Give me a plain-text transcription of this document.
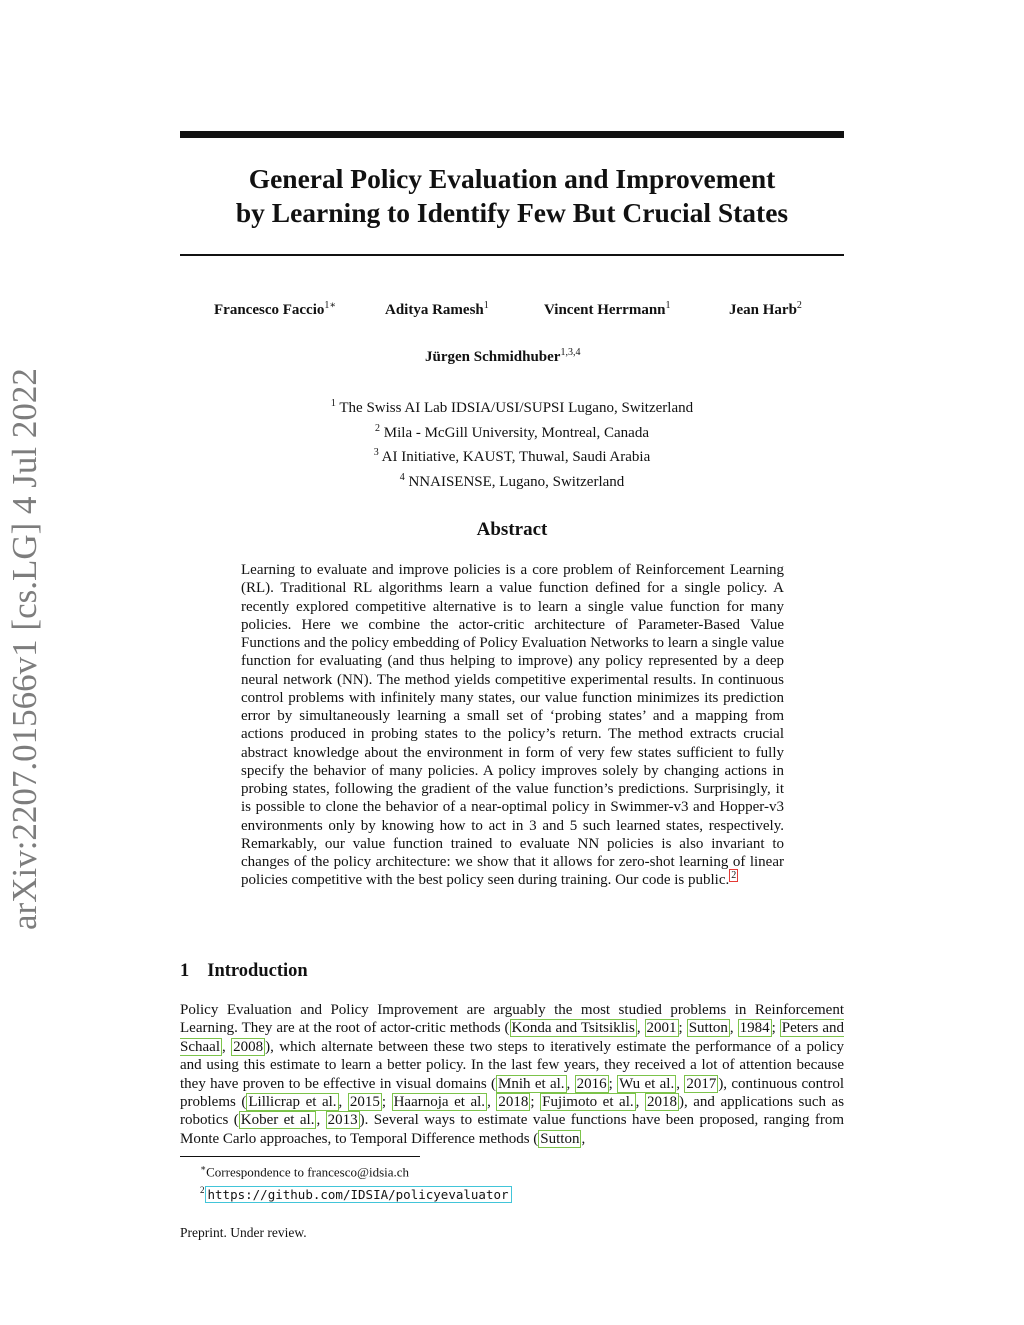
arXiv:2207.01566v1 [cs.LG] 4 Jul 2022
General Policy Evaluation and Improvement
by Learning to Identify Few But Crucial States
Francesco Faccio$^{1∗}$	Aditya Ramesh$^1$	Vincent Herrmann$^1$	Jean Harb$^2$
Jürgen Schmidhuber$^{1,3,4}$
$^1$ The Swiss AI Lab IDSIA/USI/SUPSI Lugano, Switzerland
$^2$ Mila - McGill University, Montreal, Canada
$^3$ AI Initiative, KAUST, Thuwal, Saudi Arabia
$^4$ NNAISENSE, Lugano, Switzerland
Abstract
Learning to evaluate and improve policies is a core problem of Reinforcement Learning (RL). Traditional RL algorithms learn a value function defined for a single policy. A recently explored competitive alternative is to learn a single value function for many policies. Here we combine the actor-critic architecture of Parameter-Based Value Functions and the policy embedding of Policy Evaluation Networks to learn a single value function for evaluating (and thus helping to improve) any policy represented by a deep neural network (NN). The method yields competitive experimental results. In continuous control problems with infinitely many states, our value function minimizes its prediction error by simultaneously learning a small set of ‘probing states’ and a mapping from actions produced in probing states to the policy’s return. The method extracts crucial abstract knowledge about the environment in form of very few states sufficient to fully specify the behavior of many policies. A policy improves solely by changing actions in probing states, following the gradient of the value function’s predictions. Surprisingly, it is possible to clone the behavior of a near-optimal policy in Swimmer-v3 and Hopper-v3 environments only by knowing how to act in 3 and 5 such learned states, respectively. Remarkably, our value function trained to evaluate NN policies is also invariant to changes of the policy architecture: we show that it allows for zero-shot learning of linear policies competitive with the best policy seen during training. Our code is public. $^2$
1 Introduction
Policy Evaluation and Policy Improvement are arguably the most studied problems in Reinforcement Learning. They are at the root of actor-critic methods ( Konda and Tsitsiklis , 2001 ; Sutton , 1984 ; Peters and Schaal , 2008 ), which alternate between these two steps to iteratively estimate the performance of a policy and using this estimate to learn a better policy. In the last few years, they received a lot of attention because they have proven to be effective in visual domains ( Mnih et al. , 2016 ; Wu et al. , 2017 ), continuous control problems ( Lillicrap et al. , 2015 ; Haarnoja et al. , 2018 ; Fujimoto et al. , 2018 ), and applications such as robotics ( Kober et al. , 2013 ). Several ways to estimate value functions have been proposed, ranging from Monte Carlo approaches, to Temporal Difference methods ( Sutton ,
∗Correspondence to francesco@idsia.ch
$^2$ https://github.com/IDSIA/policyevaluator
Preprint. Under review.
